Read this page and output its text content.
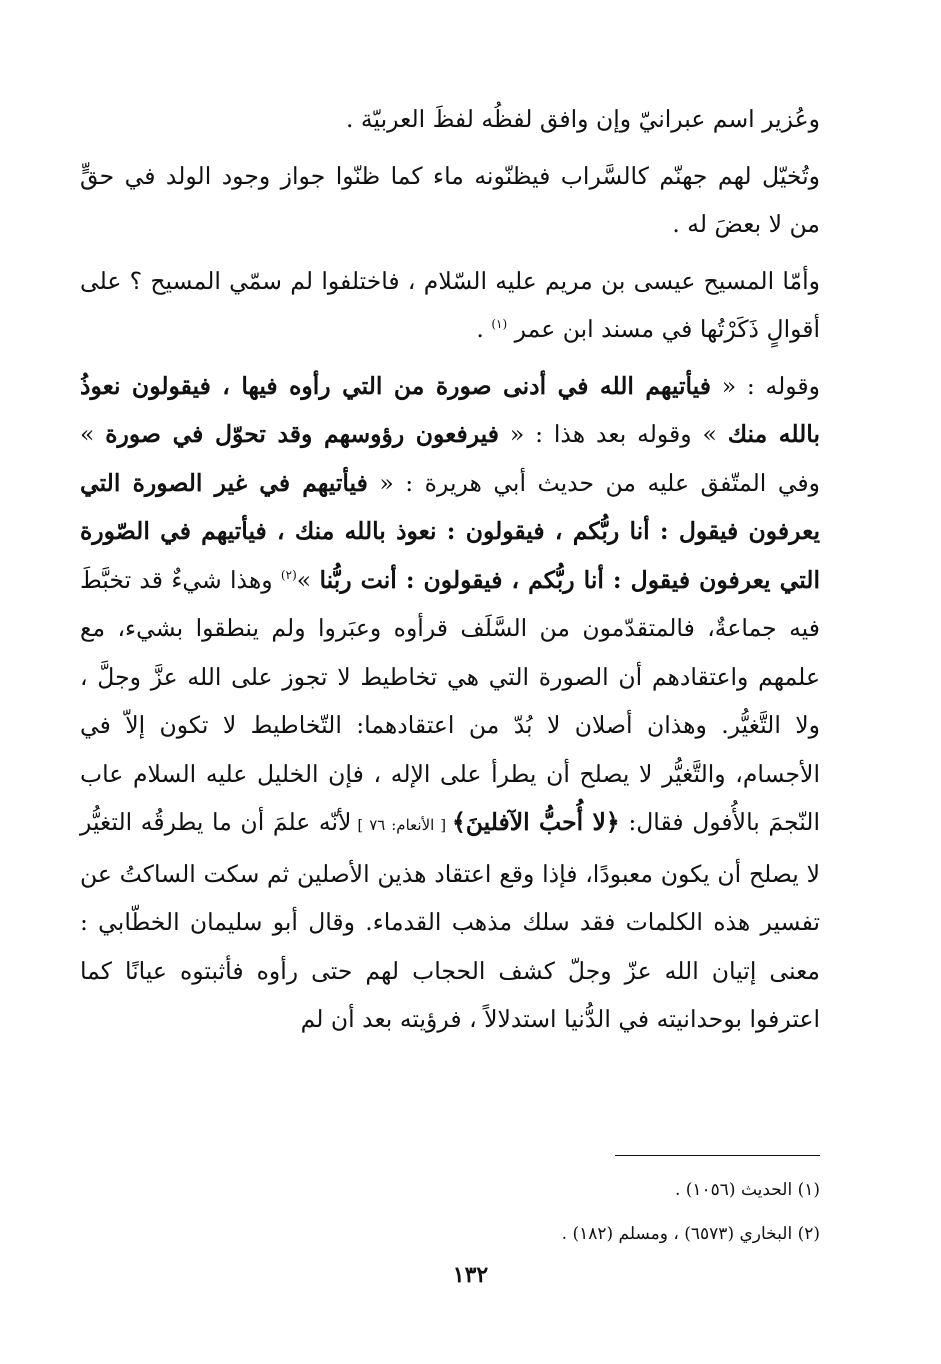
وعُزير اسم عبرانيّ وإن وافق لفظُه لفظَ العربيّة .

وتُخيّل لهم جهنّم كالسَّراب فيظنّونه ماء كما ظنّوا جواز وجود الولد في حقٍّ من لا بعضَ له .

وأمّا المسيح عيسى بن مريم عليه السّلام ، فاختلفوا لم سمّي المسيح ؟ على أقوالٍ ذَكَرْتُها في مسند ابن عمر $^{(١)}$ .

وقوله : « فيأتيهم الله في أدنى صورة من التي رأوه فيها ، فيقولون نعوذُ بالله منك » وقوله بعد هذا : « فيرفعون رؤوسهم وقد تحوّل في صورة » وفي المتّفق عليه من حديث أبي هريرة : « فيأتيهم في غير الصورة التي يعرفون فيقول : أنا ربُّكم ، فيقولون : نعوذ بالله منك ، فيأتيهم في الصّورة التي يعرفون فيقول : أنا ربُّكم ، فيقولون : أنت ربُّنا »$^{(٢)}$ وهذا شيءٌ قد تخبَّطَ فيه جماعةٌ، فالمتقدّمون من السَّلَف قرأوه وعبَروا ولم ينطقوا بشيء، مع علمهم واعتقادهم أن الصورة التي هي تخاطيط لا تجوز على الله عزَّ وجلَّ ، ولا التَّغيُّر. وهذان أصلان لا بُدّ من اعتقادهما: التّخاطيط لا تكون إلاّ في الأجسام، والتَّغيُّر لا يصلح أن يطرأ على الإله ، فإن الخليل عليه السلام عاب النّجمَ بالأُفول فقال: ﴿لا أُحبُّ الآفلينَ﴾ [ الأنعام: ٧٦ ] لأنّه علمَ أن ما يطرقُه التغيُّر لا يصلح أن يكون معبودًا، فإذا وقع اعتقاد هذين الأصلين ثم سكت الساكتُ عن تفسير هذه الكلمات فقد سلك مذهب القدماء. وقال أبو سليمان الخطّابي : معنى إتيان الله عزّ وجلّ كشف الحجاب لهم حتى رأوه فأثبتوه عيانًا كما اعترفوا بوحدانيته في الدُّنيا استدلالاً ، فرؤيته بعد أن لم

(١) الحديث (١٠٥٦) .

(٢) البخاري (٦٥٧٣) ، ومسلم (١٨٢) .

١٣٢
